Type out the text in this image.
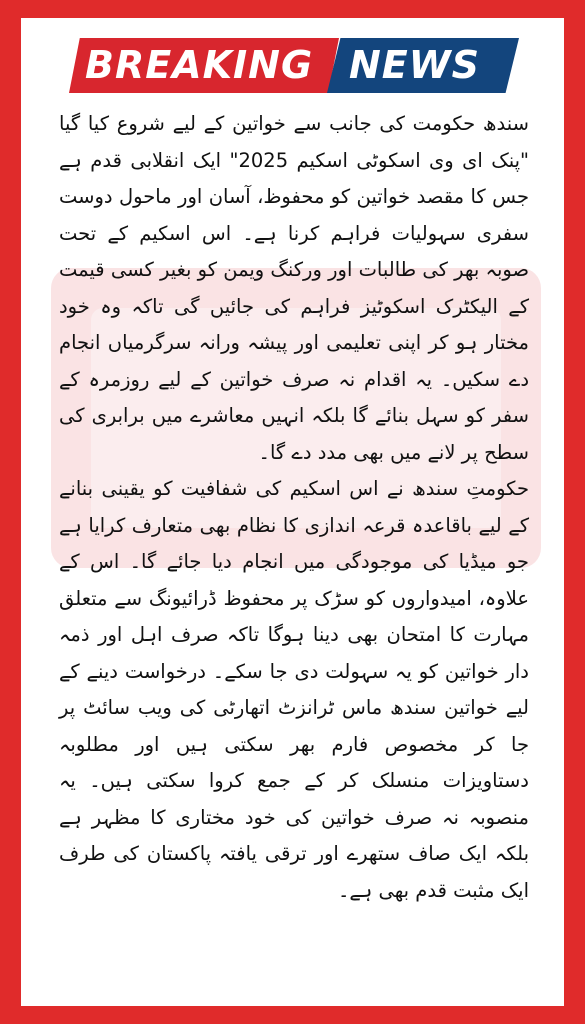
BREAKING NEWS

سندھ حکومت کی جانب سے خواتین کے لیے شروع کیا گیا "پنک ای وی اسکوٹی اسکیم 2025" ایک انقلابی قدم ہے جس کا مقصد خواتین کو محفوظ، آسان اور ماحول دوست سفری سہولیات فراہم کرنا ہے۔ اس اسکیم کے تحت صوبہ بھر کی طالبات اور ورکنگ ویمن کو بغیر کسی قیمت کے الیکٹرک اسکوٹیز فراہم کی جائیں گی تاکہ وہ خود مختار ہو کر اپنی تعلیمی اور پیشہ ورانہ سرگرمیاں انجام دے سکیں۔ یہ اقدام نہ صرف خواتین کے لیے روزمرہ کے سفر کو سہل بنائے گا بلکہ انہیں معاشرے میں برابری کی سطح پر لانے میں بھی مدد دے گا۔

حکومتِ سندھ نے اس اسکیم کی شفافیت کو یقینی بنانے کے لیے باقاعدہ قرعہ اندازی کا نظام بھی متعارف کرایا ہے جو میڈیا کی موجودگی میں انجام دیا جائے گا۔ اس کے علاوہ، امیدواروں کو سڑک پر محفوظ ڈرائیونگ سے متعلق مہارت کا امتحان بھی دینا ہوگا تاکہ صرف اہل اور ذمہ دار خواتین کو یہ سہولت دی جا سکے۔ درخواست دینے کے لیے خواتین سندھ ماس ٹرانزٹ اتھارٹی کی ویب سائٹ پر جا کر مخصوص فارم بھر سکتی ہیں اور مطلوبہ دستاویزات منسلک کر کے جمع کروا سکتی ہیں۔ یہ منصوبہ نہ صرف خواتین کی خود مختاری کا مظہر ہے بلکہ ایک صاف ستھرے اور ترقی یافتہ پاکستان کی طرف ایک مثبت قدم بھی ہے۔
